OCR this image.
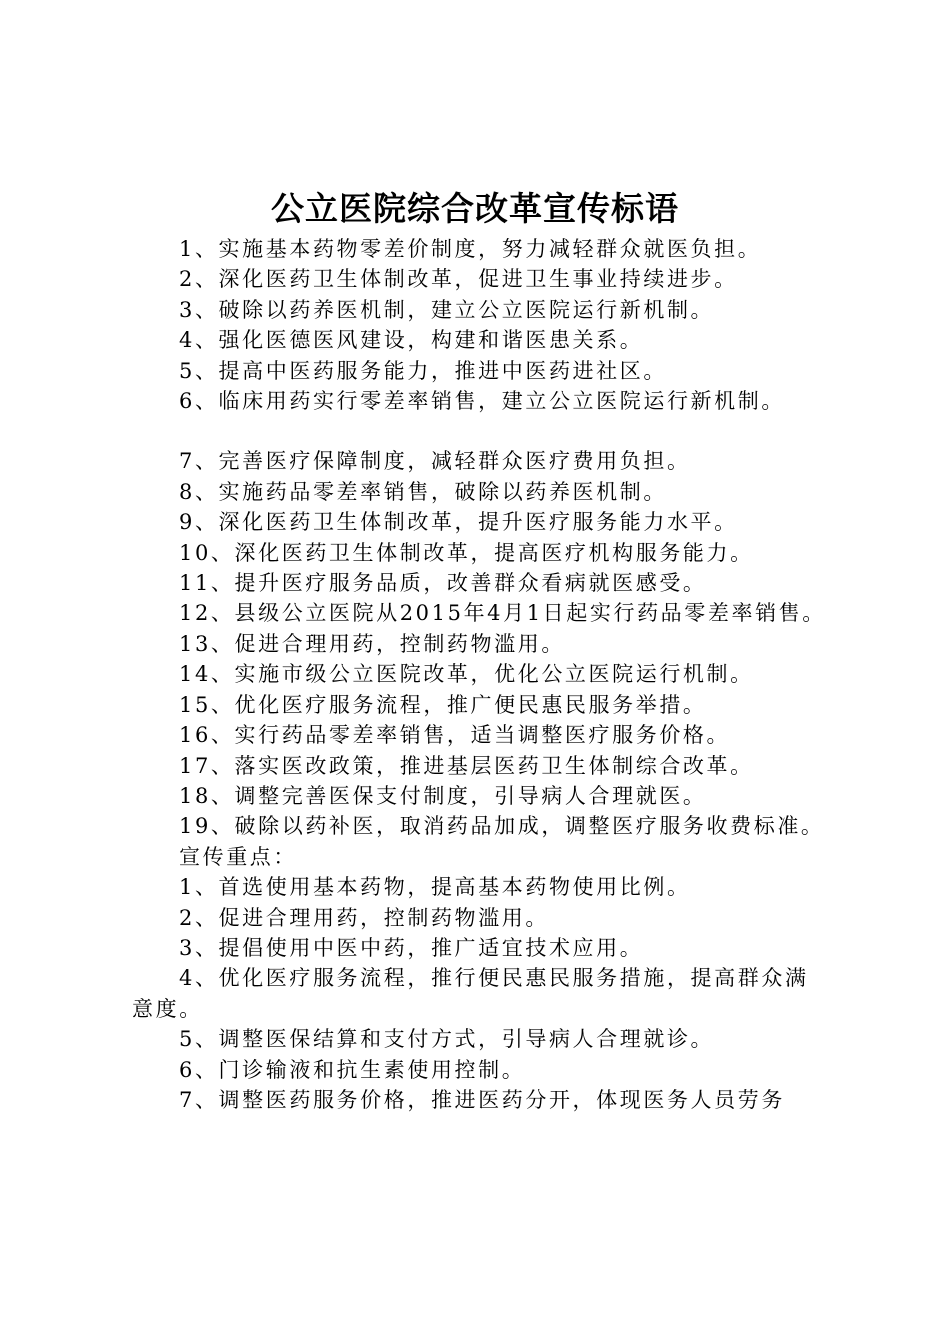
公立医院综合改革宣传标语

1、实施基本药物零差价制度，努力减轻群众就医负担。

2、深化医药卫生体制改革，促进卫生事业持续进步。

3、破除以药养医机制，建立公立医院运行新机制。

4、强化医德医风建设，构建和谐医患关系。

5、提高中医药服务能力，推进中医药进社区。

6、临床用药实行零差率销售，建立公立医院运行新机制。

7、完善医疗保障制度，减轻群众医疗费用负担。

8、实施药品零差率销售，破除以药养医机制。

9、深化医药卫生体制改革，提升医疗服务能力水平。

10、深化医药卫生体制改革，提高医疗机构服务能力。

11、提升医疗服务品质，改善群众看病就医感受。

12、县级公立医院从2015年4月1日起实行药品零差率销售。

13、促进合理用药，控制药物滥用。

14、实施市级公立医院改革，优化公立医院运行机制。

15、优化医疗服务流程，推广便民惠民服务举措。

16、实行药品零差率销售，适当调整医疗服务价格。

17、落实医改政策，推进基层医药卫生体制综合改革。

18、调整完善医保支付制度，引导病人合理就医。

19、破除以药补医，取消药品加成，调整医疗服务收费标准。

宣传重点：

1、首选使用基本药物，提高基本药物使用比例。

2、促进合理用药，控制药物滥用。

3、提倡使用中医中药，推广适宜技术应用。

4、优化医疗服务流程，推行便民惠民服务措施，提高群众满意度。

5、调整医保结算和支付方式，引导病人合理就诊。

6、门诊输液和抗生素使用控制。

7、调整医药服务价格，推进医药分开，体现医务人员劳务
